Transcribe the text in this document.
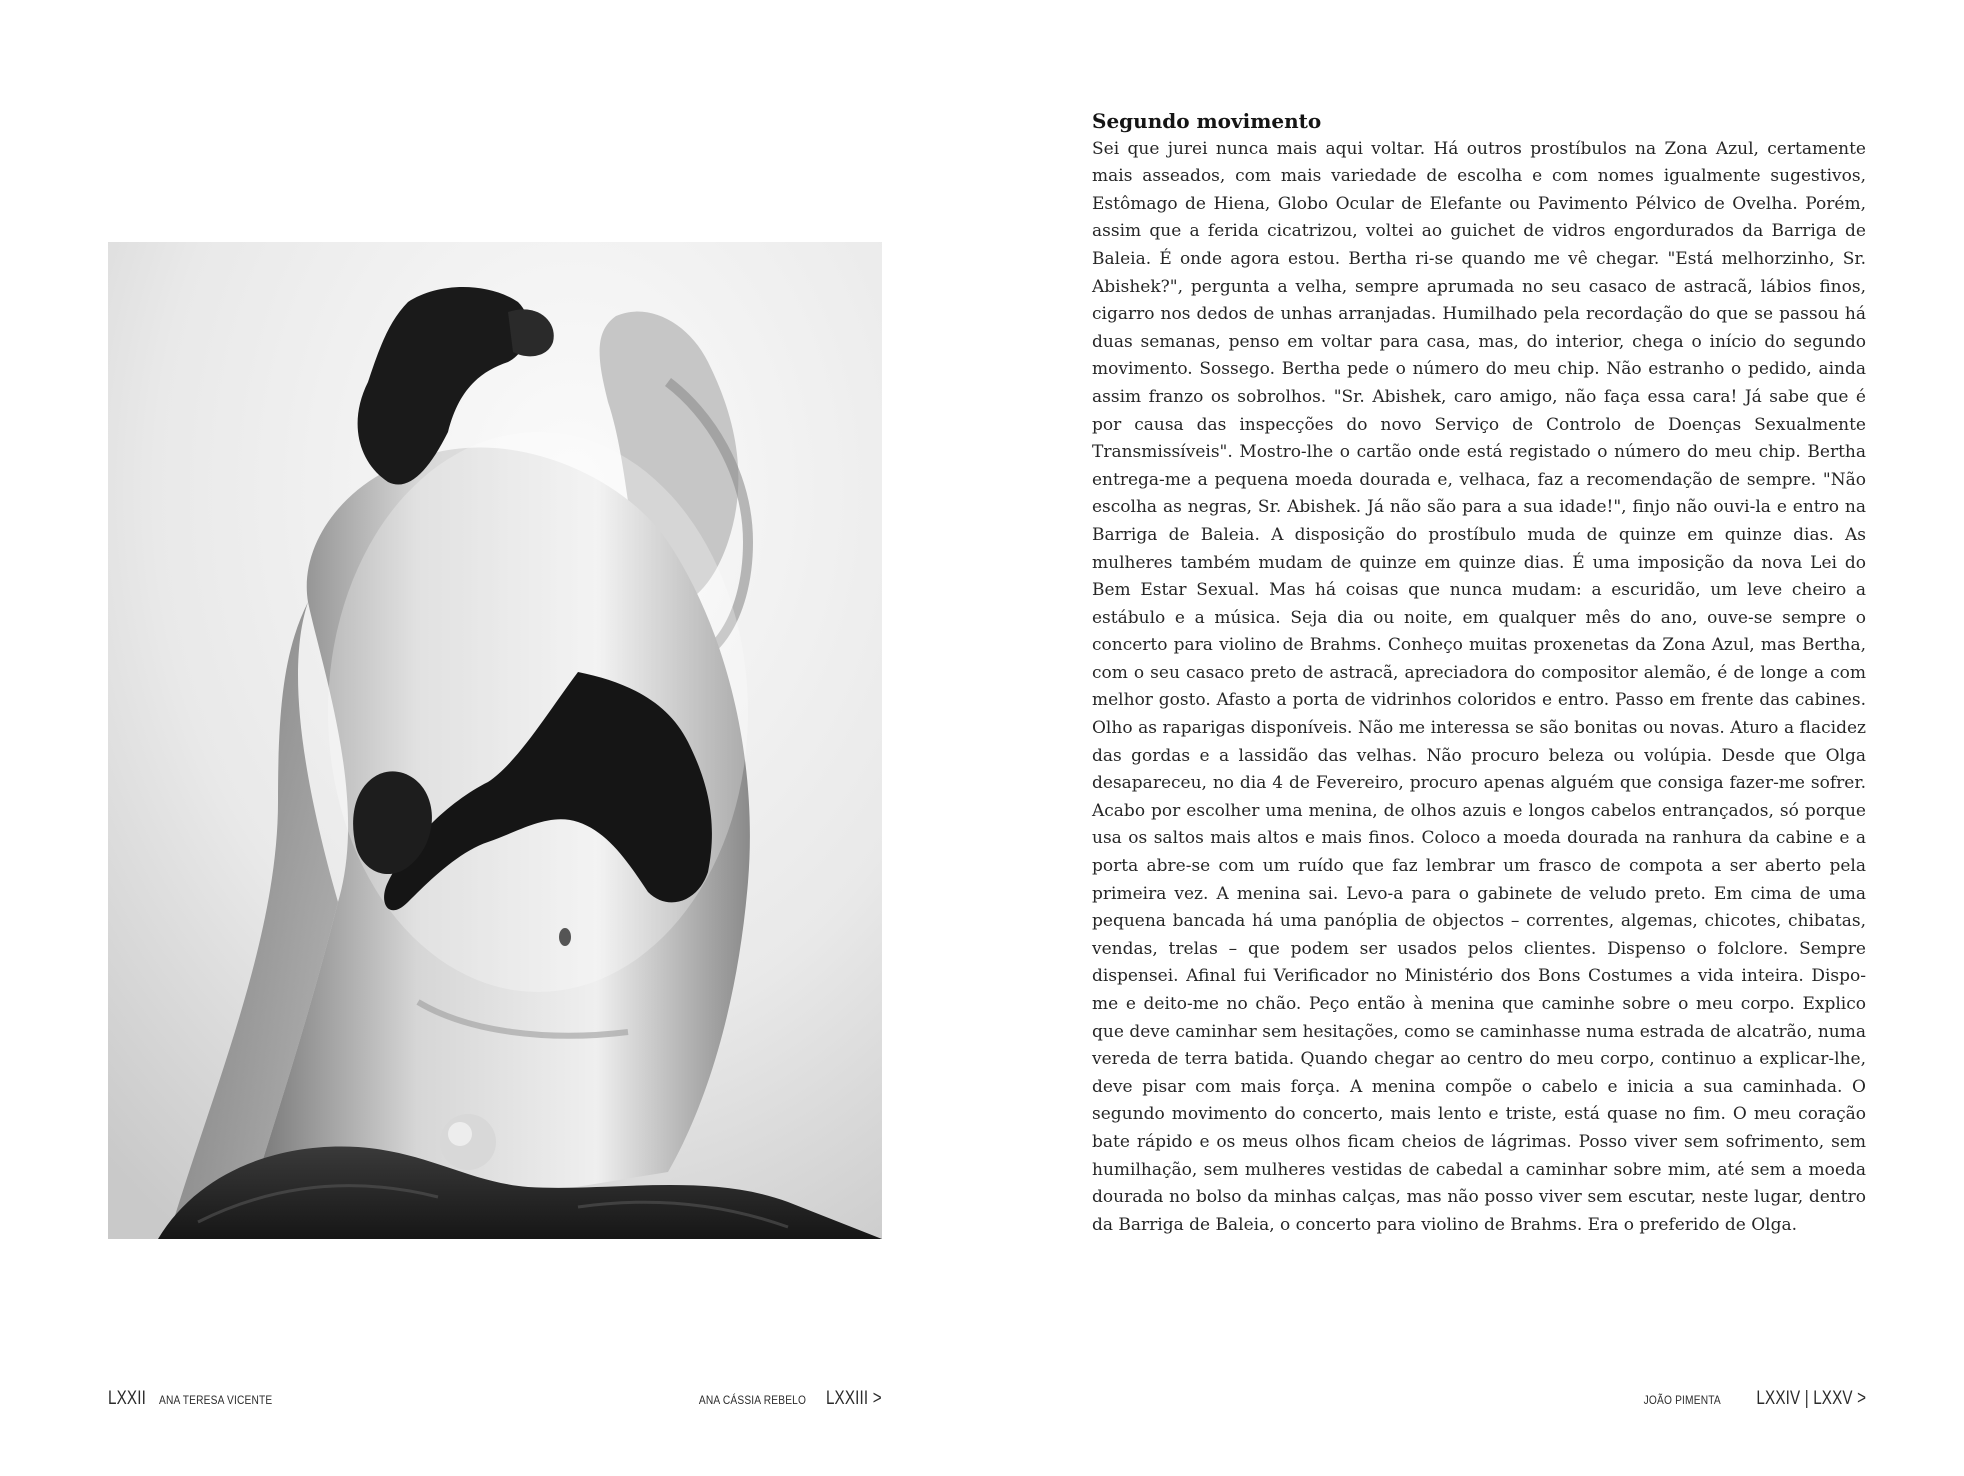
Segundo movimento

Sei que jurei nunca mais aqui voltar. Há outros prostíbulos na Zona Azul, certamente mais asseados, com mais variedade de escolha e com nomes igualmente sugestivos, Estômago de Hiena, Globo Ocular de Elefante ou Pavimento Pélvico de Ovelha. Porém, assim que a ferida cicatrizou, voltei ao guichet de vidros engordurados da Barriga de Baleia. É onde agora estou. Bertha ri-se quando me vê chegar. "Está melhorzinho, Sr. Abishek?", pergunta a velha, sempre aprumada no seu casaco de astracã, lábios finos, cigarro nos dedos de unhas arranjadas. Humilhado pela recordação do que se passou há duas semanas, penso em voltar para casa, mas, do interior, chega o início do segundo movimento. Sossego. Bertha pede o número do meu chip. Não estranho o pedido, ainda assim franzo os sobrolhos. "Sr. Abishek, caro amigo, não faça essa cara! Já sabe que é por causa das inspecções do novo Serviço de Controlo de Doenças Sexualmente Transmissíveis". Mostro-lhe o cartão onde está registado o número do meu chip. Bertha entrega-me a pequena moeda dourada e, velhaca, faz a recomendação de sempre. "Não escolha as negras, Sr. Abishek. Já não são para a sua idade!", finjo não ouvi-la e entro na Barriga de Baleia. A disposição do prostíbulo muda de quinze em quinze dias. As mulheres também mudam de quinze em quinze dias. É uma imposição da nova Lei do Bem Estar Sexual. Mas há coisas que nunca mudam: a escuridão, um leve cheiro a estábulo e a música. Seja dia ou noite, em qualquer mês do ano, ouve-se sempre o concerto para violino de Brahms. Conheço muitas proxenetas da Zona Azul, mas Bertha, com o seu casaco preto de astracã, apreciadora do compositor alemão, é de longe a com melhor gosto. Afasto a porta de vidrinhos coloridos e entro. Passo em frente das cabines. Olho as raparigas disponíveis. Não me interessa se são bonitas ou novas. Aturo a flacidez das gordas e a lassidão das velhas. Não procuro beleza ou volúpia. Desde que Olga desapareceu, no dia 4 de Fevereiro, procuro apenas alguém que consiga fazer-me sofrer. Acabo por escolher uma menina, de olhos azuis e longos cabelos entrançados, só porque usa os saltos mais altos e mais finos. Coloco a moeda dourada na ranhura da cabine e a porta abre-se com um ruído que faz lembrar um frasco de compota a ser aberto pela primeira vez. A menina sai. Levo-a para o gabinete de veludo preto. Em cima de uma pequena bancada há uma panóplia de objectos – correntes, algemas, chicotes, chibatas, vendas, trelas – que podem ser usados pelos clientes. Dispenso o folclore. Sempre dispensei. Afinal fui Verificador no Ministério dos Bons Costumes a vida inteira. Dispo-me e deito-me no chão. Peço então à menina que caminhe sobre o meu corpo. Explico que deve caminhar sem hesitações, como se caminhasse numa estrada de alcatrão, numa vereda de terra batida. Quando chegar ao centro do meu corpo, continuo a explicar-lhe, deve pisar com mais força. A menina compõe o cabelo e inicia a sua caminhada. O segundo movimento do concerto, mais lento e triste, está quase no fim. O meu coração bate rápido e os meus olhos ficam cheios de lágrimas. Posso viver sem sofrimento, sem humilhação, sem mulheres vestidas de cabedal a caminhar sobre mim, até sem a moeda dourada no bolso da minhas calças, mas não posso viver sem escutar, neste lugar, dentro da Barriga de Baleia, o concerto para violino de Brahms. Era o preferido de Olga.

LXXII ANA TERESA VICENTE	ANA CÁSSIA REBELO LXXIII >	JOÃO PIMENTA LXXIV | LXXV >
